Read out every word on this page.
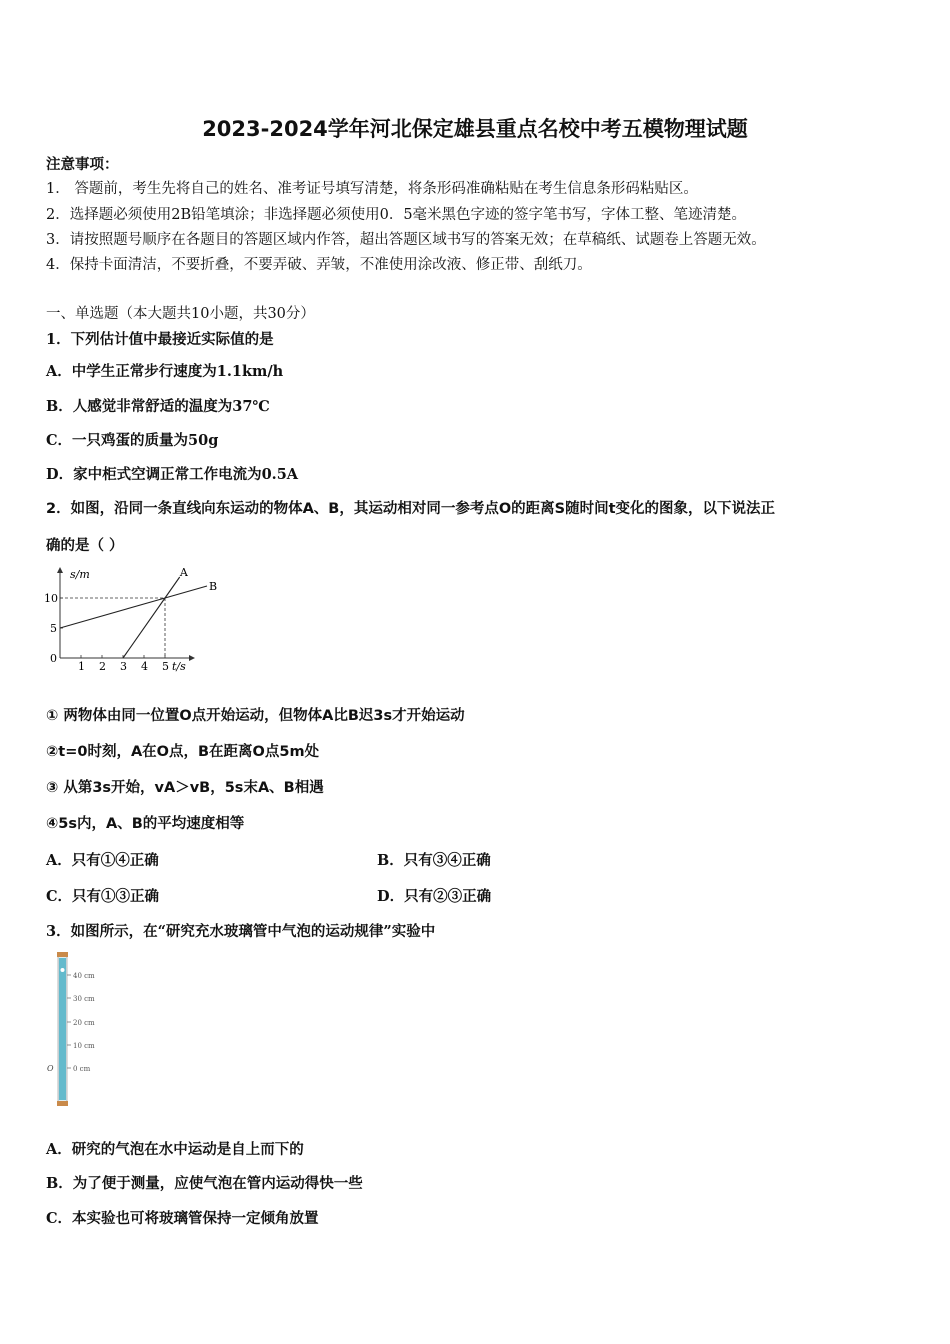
2023-2024学年河北保定雄县重点名校中考五模物理试题
注意事项：
1． 答题前，考生先将自己的姓名、准考证号填写清楚，将条形码准确粘贴在考生信息条形码粘贴区。
2．选择题必须使用2B铅笔填涂；非选择题必须使用0．5毫米黑色字迹的签字笔书写，字体工整、笔迹清楚。
3．请按照题号顺序在各题目的答题区域内作答，超出答题区域书写的答案无效；在草稿纸、试题卷上答题无效。
4．保持卡面清洁，不要折叠，不要弄破、弄皱，不准使用涂改液、修正带、刮纸刀。
一、单选题（本大题共10小题，共30分）
1．下列估计值中最接近实际值的是
A．中学生正常步行速度为1.1km/h
B．人感觉非常舒适的温度为37℃
C．一只鸡蛋的质量为50g
D．家中柜式空调正常工作电流为0.5A
2．如图，沿同一条直线向东运动的物体A、B，其运动相对同一参考点O的距离S随时间t变化的图象，以下说法正
确的是（ ）
s/m
t/s
1 2 3 4 5
0
5
10
A
B
① 两物体由同一位置O点开始运动，但物体A比B迟3s才开始运动
②t=0时刻，A在O点，B在距离O点5m处
③ 从第3s开始，vA＞vB，5s末A、B相遇
④5s内，A、B的平均速度相等
A．只有①④正确	B．只有③④正确
C．只有①③正确	D．只有②③正确
3．如图所示，在“研究充水玻璃管中气泡的运动规律”实验中
40 cm
30 cm
20 cm
10 cm
0 cm
O
A．研究的气泡在水中运动是自上而下的
B．为了便于测量，应使气泡在管内运动得快一些
C．本实验也可将玻璃管保持一定倾角放置
